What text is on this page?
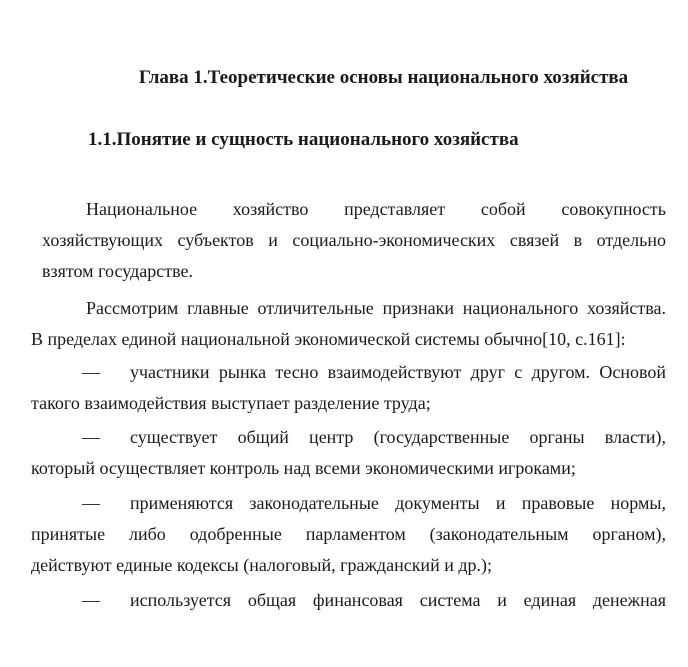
Глава 1.Теоретические основы национального хозяйства
1.1.Понятие и сущность национального хозяйства
Национальное хозяйство представляет собой совокупность
хозяйствующих субъектов и социально-экономических связей в отдельно
взятом государстве.
Рассмотрим главные отличительные признаки национального хозяйства.
В пределах единой национальной экономической системы обычно[10, с.161]:
— участники рынка тесно взаимодействуют друг с другом. Основой
такого взаимодействия выступает разделение труда;
— существует общий центр (государственные органы власти),
который осуществляет контроль над всеми экономическими игроками;
— применяются законодательные документы и правовые нормы,
принятые либо одобренные парламентом (законодательным органом),
действуют единые кодексы (налоговый, гражданский и др.);
— используется общая финансовая система и единая денежная
